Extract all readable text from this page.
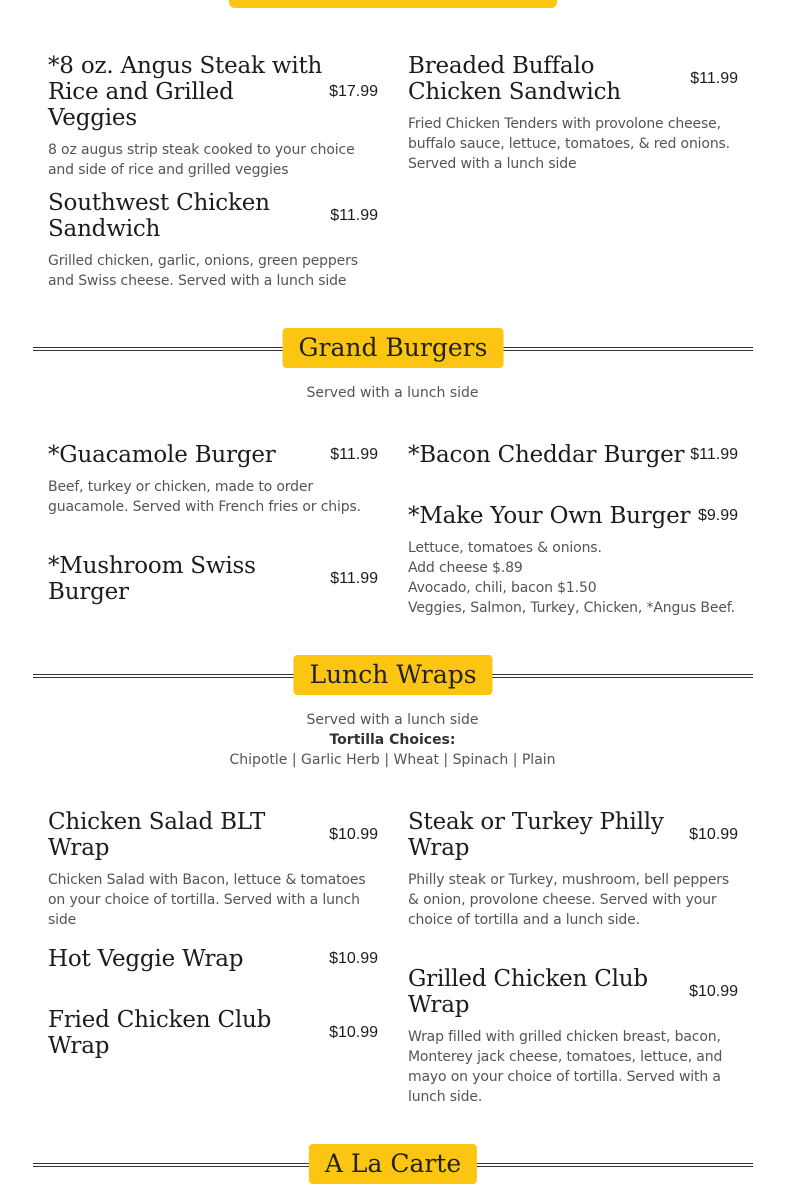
*8 oz. Angus Steak with Rice and Grilled Veggies
$17.99
8 oz augus strip steak cooked to your choice and side of rice and grilled veggies
Southwest Chicken Sandwich
$11.99
Grilled chicken, garlic, onions, green peppers and Swiss cheese. Served with a lunch side
Breaded Buffalo Chicken Sandwich
$11.99
Fried Chicken Tenders with provolone cheese, buffalo sauce, lettuce, tomatoes, & red onions. Served with a lunch side
Grand Burgers
Served with a lunch side
*Guacamole Burger	$11.99
Beef, turkey or chicken, made to order guacamole. Served with French fries or chips.
*Mushroom Swiss Burger
$11.99
*Bacon Cheddar Burger $11.99
*Make Your Own Burger $9.99
Lettuce, tomatoes & onions.
Add cheese $.89
Avocado, chili, bacon $1.50
Veggies, Salmon, Turkey, Chicken, *Angus Beef.
Lunch Wraps
Served with a lunch side
Tortilla Choices:
Chipotle | Garlic Herb | Wheat | Spinach | Plain
Chicken Salad BLT Wrap
$10.99
Chicken Salad with Bacon, lettuce & tomatoes on your choice of tortilla. Served with a lunch side
Hot Veggie Wrap	$10.99
Fried Chicken Club Wrap
$10.99
Steak or Turkey Philly Wrap
$10.99
Philly steak or Turkey, mushroom, bell peppers & onion, provolone cheese. Served with your choice of tortilla and a lunch side.
Grilled Chicken Club Wrap
$10.99
Wrap filled with grilled chicken breast, bacon, Monterey jack cheese, tomatoes, lettuce, and mayo on your choice of tortilla. Served with a lunch side.
A La Carte
